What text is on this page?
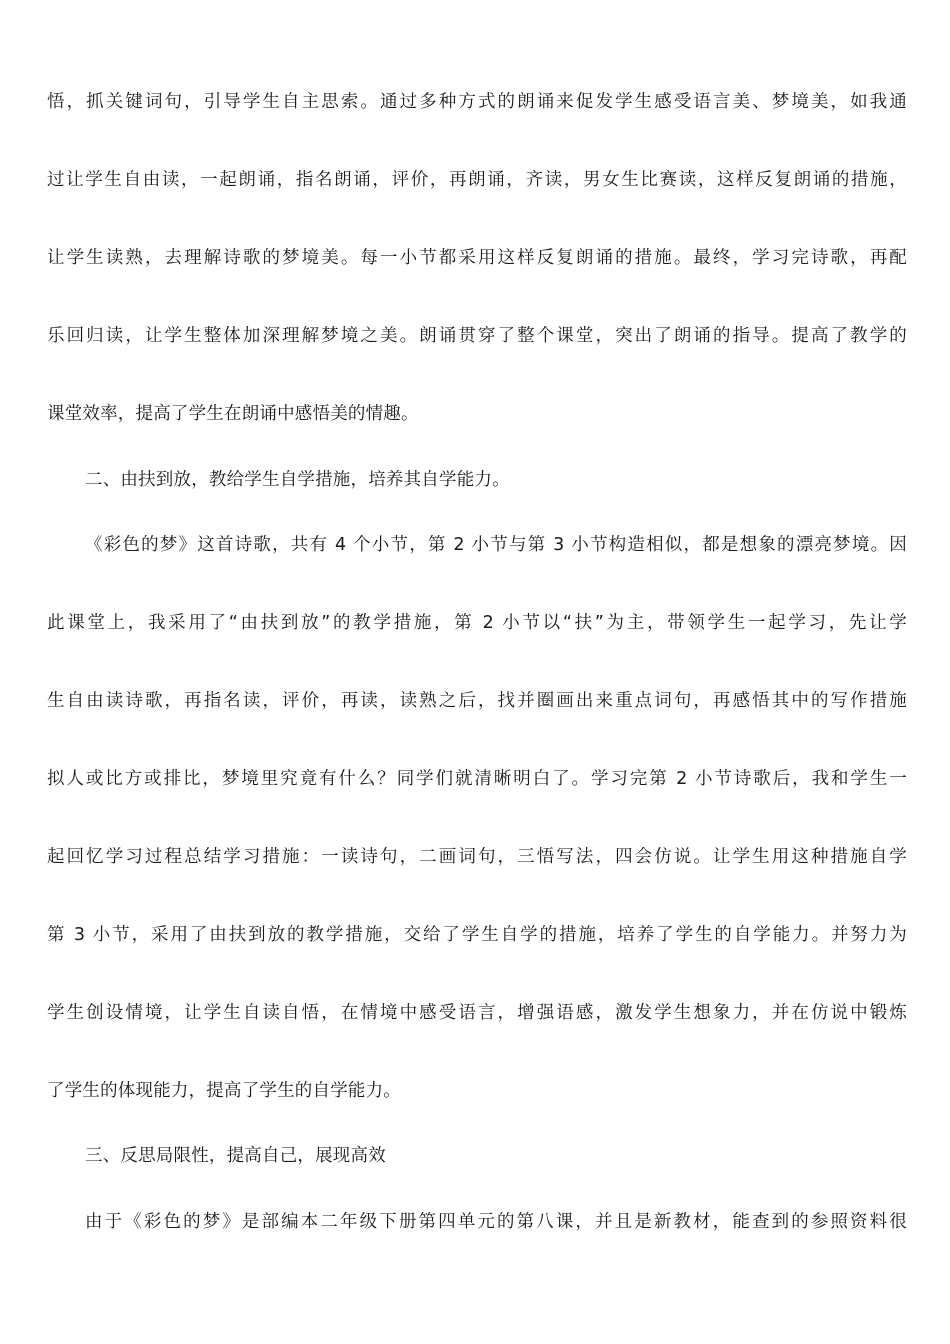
悟，抓关键词句，引导学生自主思索。通过多种方式的朗诵来促发学生感受语言美、梦境美，如我通
过让学生自由读，一起朗诵，指名朗诵，评价，再朗诵，齐读，男女生比赛读，这样反复朗诵的措施，
让学生读熟，去理解诗歌的梦境美。每一小节都采用这样反复朗诵的措施。最终，学习完诗歌，再配
乐回归读，让学生整体加深理解梦境之美。朗诵贯穿了整个课堂，突出了朗诵的指导。提高了教学的
课堂效率，提高了学生在朗诵中感悟美的情趣。
二、由扶到放，教给学生自学措施，培养其自学能力。
《彩色的梦》这首诗歌，共有 4 个小节，第 2 小节与第 3 小节构造相似，都是想象的漂亮梦境。因
此课堂上，我采用了“由扶到放”的教学措施，第 2 小节以“扶”为主，带领学生一起学习，先让学
生自由读诗歌，再指名读，评价，再读，读熟之后，找并圈画出来重点词句，再感悟其中的写作措施
拟人或比方或排比，梦境里究竟有什么？同学们就清晰明白了。学习完第 2 小节诗歌后，我和学生一
起回忆学习过程总结学习措施：一读诗句，二画词句，三悟写法，四会仿说。让学生用这种措施自学
第 3 小节，采用了由扶到放的教学措施，交给了学生自学的措施，培养了学生的自学能力。并努力为
学生创设情境，让学生自读自悟，在情境中感受语言，增强语感，激发学生想象力，并在仿说中锻炼
了学生的体现能力，提高了学生的自学能力。
三、反思局限性，提高自己，展现高效
由于《彩色的梦》是部编本二年级下册第四单元的第八课，并且是新教材，能查到的参照资料很
